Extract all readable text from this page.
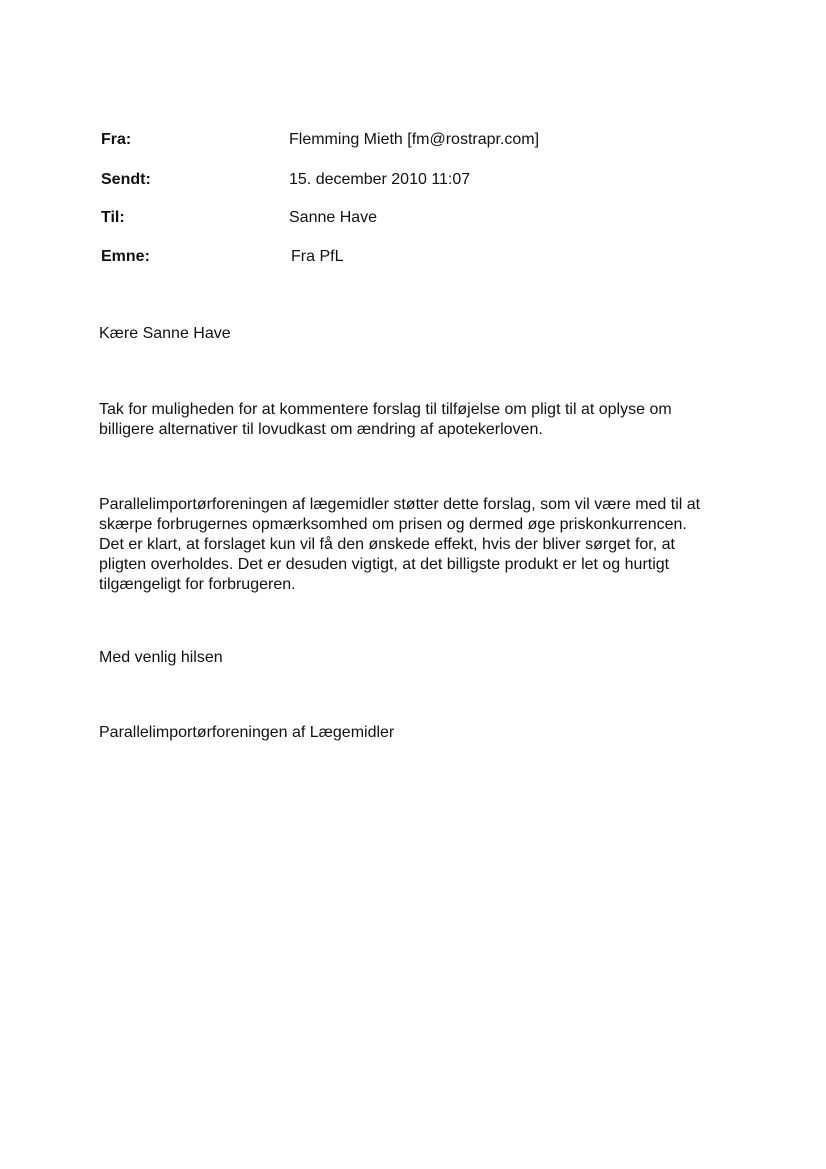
Fra:	Flemming Mieth [fm@rostrapr.com]
Sendt:	15. december 2010 11:07
Til:	Sanne Have
Emne:	Fra PfL
Kære Sanne Have
Tak for muligheden for at kommentere forslag til tilføjelse om pligt til at oplyse om
billigere alternativer til lovudkast om ændring af apotekerloven.
Parallelimportørforeningen af lægemidler støtter dette forslag, som vil være med til at
skærpe forbrugernes opmærksomhed om prisen og dermed øge priskonkurrencen.
Det er klart, at forslaget kun vil få den ønskede effekt, hvis der bliver sørget for, at
pligten overholdes. Det er desuden vigtigt, at det billigste produkt er let og hurtigt
tilgængeligt for forbrugeren.
Med venlig hilsen
Parallelimportørforeningen af Lægemidler
